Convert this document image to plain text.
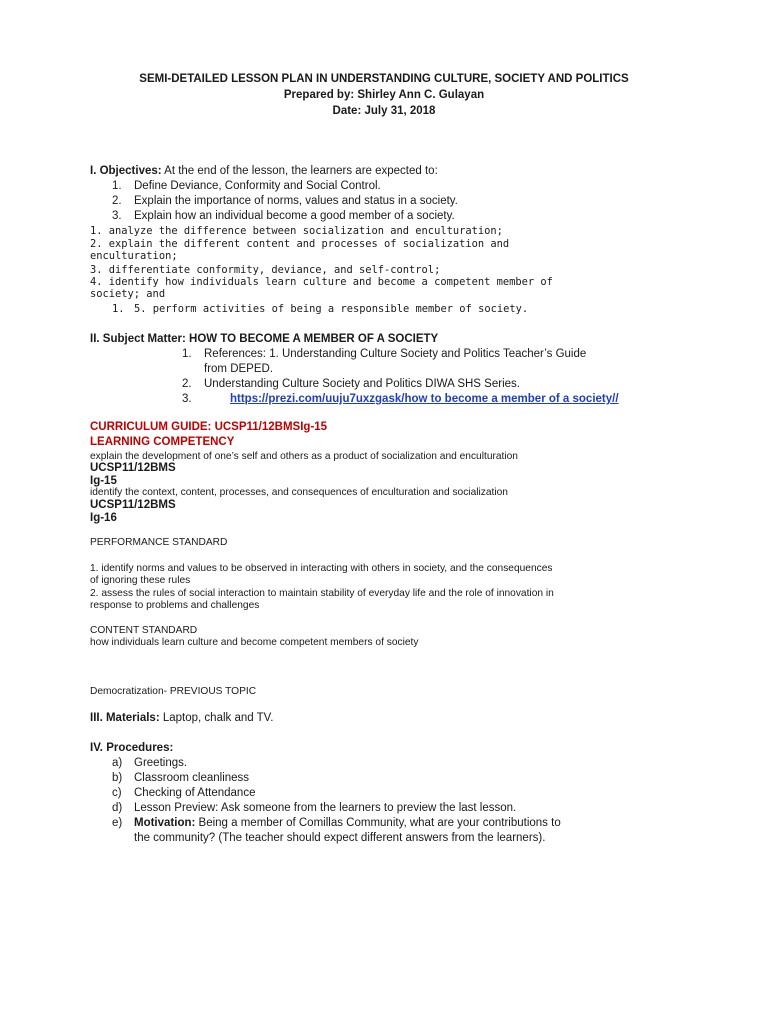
SEMI-DETAILED LESSON PLAN IN UNDERSTANDING CULTURE, SOCIETY AND POLITICS
Prepared by: Shirley Ann C. Gulayan
Date: July 31, 2018
I. Objectives: At the end of the lesson, the learners are expected to:
1. Define Deviance, Conformity and Social Control.
2. Explain the importance of norms, values and status in a society.
3. Explain how an individual become a good member of a society.
1. analyze the difference between socialization and enculturation;
2. explain the different content and processes of socialization and
enculturation;
3. differentiate conformity, deviance, and self-control;
4. identify how individuals learn culture and become a competent member of
society; and
1. 5. perform activities of being a responsible member of society.
II. Subject Matter: HOW TO BECOME A MEMBER OF A SOCIETY
1. References: 1. Understanding Culture Society and Politics Teacher’s Guide
from DEPED.
2. Understanding Culture Society and Politics DIWA SHS Series.
3.	https://prezi.com/uuju7uxzgask/how to become a member of a society//
CURRICULUM GUIDE: UCSP11/12BMSIg-15
LEARNING COMPETENCY
explain the development of one’s self and others as a product of socialization and enculturation
UCSP11/12BMS
Ig-15
identify the context, content, processes, and consequences of enculturation and socialization
UCSP11/12BMS
Ig-16
PERFORMANCE STANDARD
1. identify norms and values to be observed in interacting with others in society, and the consequences
of ignoring these rules
2. assess the rules of social interaction to maintain stability of everyday life and the role of innovation in
response to problems and challenges
CONTENT STANDARD
how individuals learn culture and become competent members of society
Democratization- PREVIOUS TOPIC
III. Materials: Laptop, chalk and TV.
IV. Procedures:
a) Greetings.
b) Classroom cleanliness
c) Checking of Attendance
d) Lesson Preview: Ask someone from the learners to preview the last lesson.
e) Motivation: Being a member of Comillas Community, what are your contributions to
the community? (The teacher should expect different answers from the learners).
